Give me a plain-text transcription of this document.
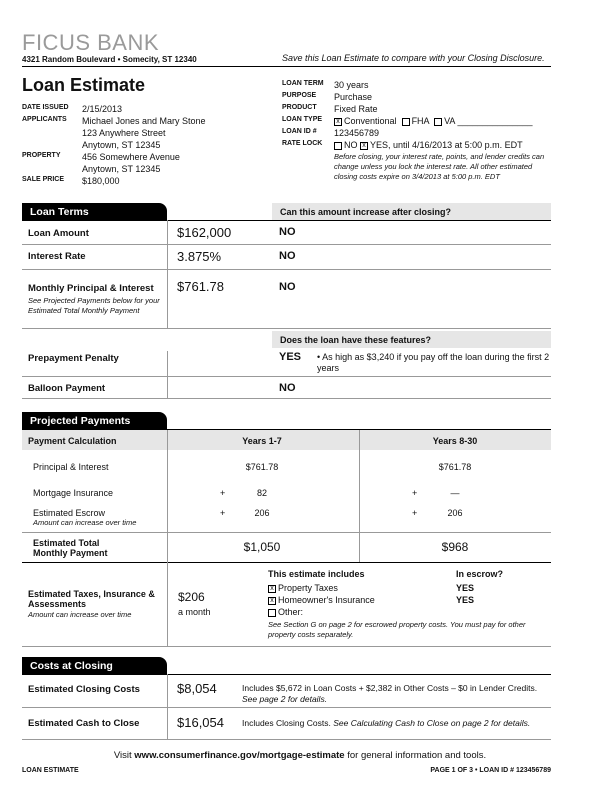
FICUS BANK
4321 Random Boulevard • Somecity, ST 12340	Save this Loan Estimate to compare with your Closing Disclosure.
Loan Estimate
DATE ISSUED	2/15/2013
APPLICANTS	Michael Jones and Mary Stone
123 Anywhere Street
Anytown, ST 12345
PROPERTY	456 Somewhere Avenue
Anytown, ST 12345
SALE PRICE	$180,000
LOAN TERM	30 years
PURPOSE	Purchase
PRODUCT	Fixed Rate
LOAN TYPE	x Conventional FHA VA _______________
LOAN ID #	123456789
RATE LOCK	NO x YES, until 4/16/2013 at 5:00 p.m. EDT
Before closing, your interest rate, points, and lender credits can change unless you lock the interest rate. All other estimated closing costs expire on 3/4/2013 at 5:00 p.m. EDT
Loan Terms	Can this amount increase after closing?
Loan Amount	$162,000	NO
Interest Rate	3.875%	NO
Monthly Principal & Interest
See Projected Payments below for your Estimated Total Monthly Payment
$761.78	NO
Does the loan have these features?
Prepayment Penalty	YES • As high as $3,240 if you pay off the loan during the first 2 years
Balloon Payment	NO
Projected Payments
Payment Calculation	Years 1-7	Years 8-30
Principal & Interest	$761.78	$761.78
Mortgage Insurance	+	82	+	—
Estimated Escrow
Amount can increase over time
+	206	+	206
Estimated Total
Monthly Payment	$1,050	$968
Estimated Taxes, Insurance & Assessments
Amount can increase over time
$206
a month
This estimate includes	In escrow?
x Property Taxes	YES
x Homeowner's Insurance	YES
Other:
See Section G on page 2 for escrowed property costs. You must pay for other property costs separately.
Costs at Closing
Estimated Closing Costs	$8,054	Includes $5,672 in Loan Costs + $2,382 in Other Costs – $0 in Lender Credits. See page 2 for details.
Estimated Cash to Close	$16,054 Includes Closing Costs. See Calculating Cash to Close on page 2 for details.
Visit www.consumerfinance.gov/mortgage-estimate for general information and tools.
LOAN ESTIMATE	PAGE 1 OF 3 • LOAN ID # 123456789
